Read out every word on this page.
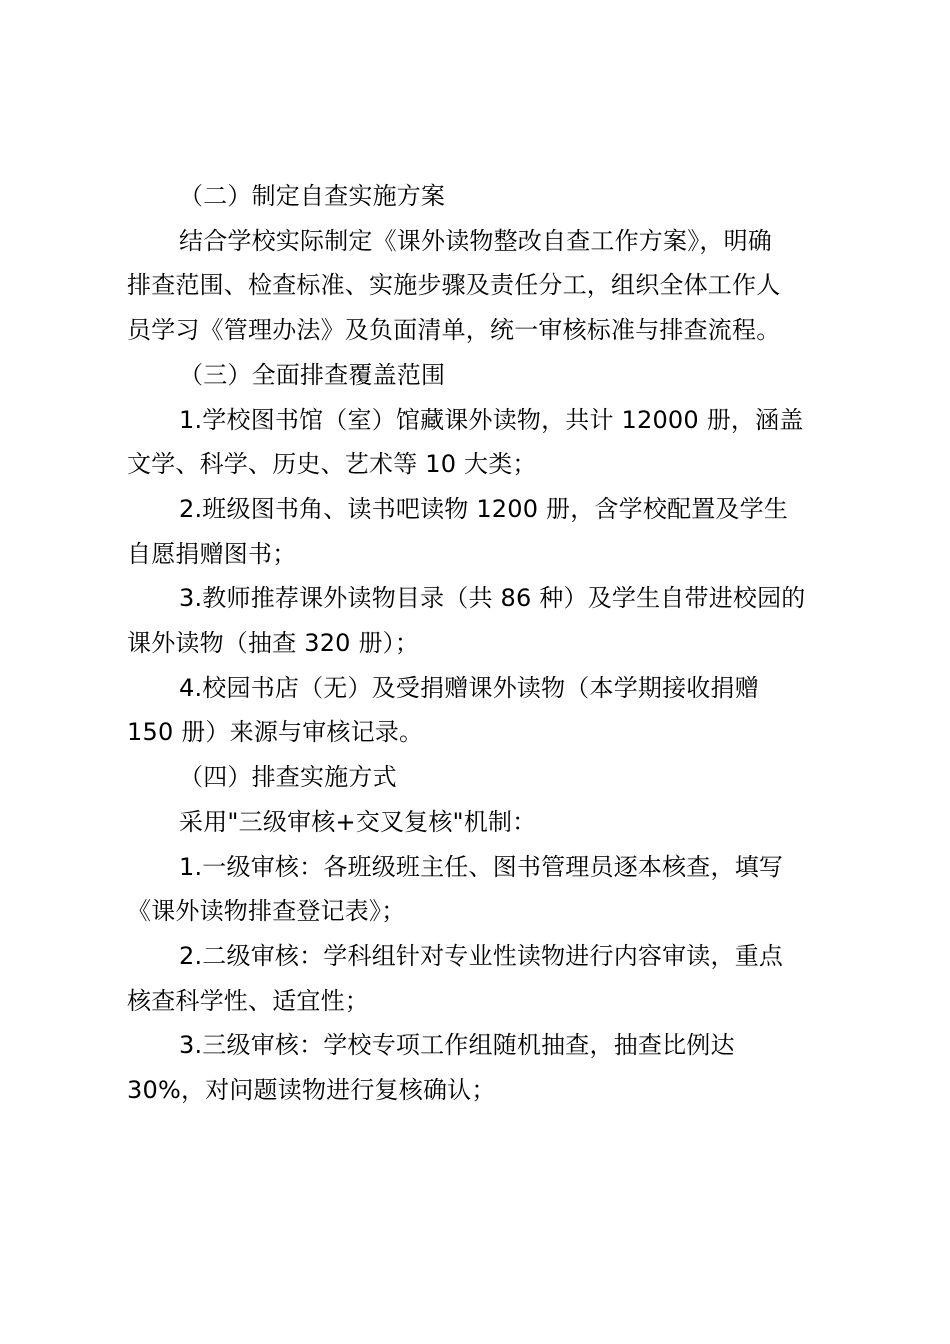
（二）制定自查实施方案

结合学校实际制定《课外读物整改自查工作方案》，明确
排查范围、检查标准、实施步骤及责任分工，组织全体工作人
员学习《管理办法》及负面清单，统一审核标准与排查流程。

（三）全面排查覆盖范围

1.学校图书馆（室）馆藏课外读物，共计 12000 册，涵盖
文学、科学、历史、艺术等 10 大类；

2.班级图书角、读书吧读物 1200 册，含学校配置及学生
自愿捐赠图书；

3.教师推荐课外读物目录（共 86 种）及学生自带进校园的
课外读物（抽查 320 册）；

4.校园书店（无）及受捐赠课外读物（本学期接收捐赠
150 册）来源与审核记录。

（四）排查实施方式

采用"三级审核+交叉复核"机制：

1.一级审核：各班级班主任、图书管理员逐本核查，填写
《课外读物排查登记表》；

2.二级审核：学科组针对专业性读物进行内容审读，重点
核查科学性、适宜性；

3.三级审核：学校专项工作组随机抽查，抽查比例达
30%，对问题读物进行复核确认；
